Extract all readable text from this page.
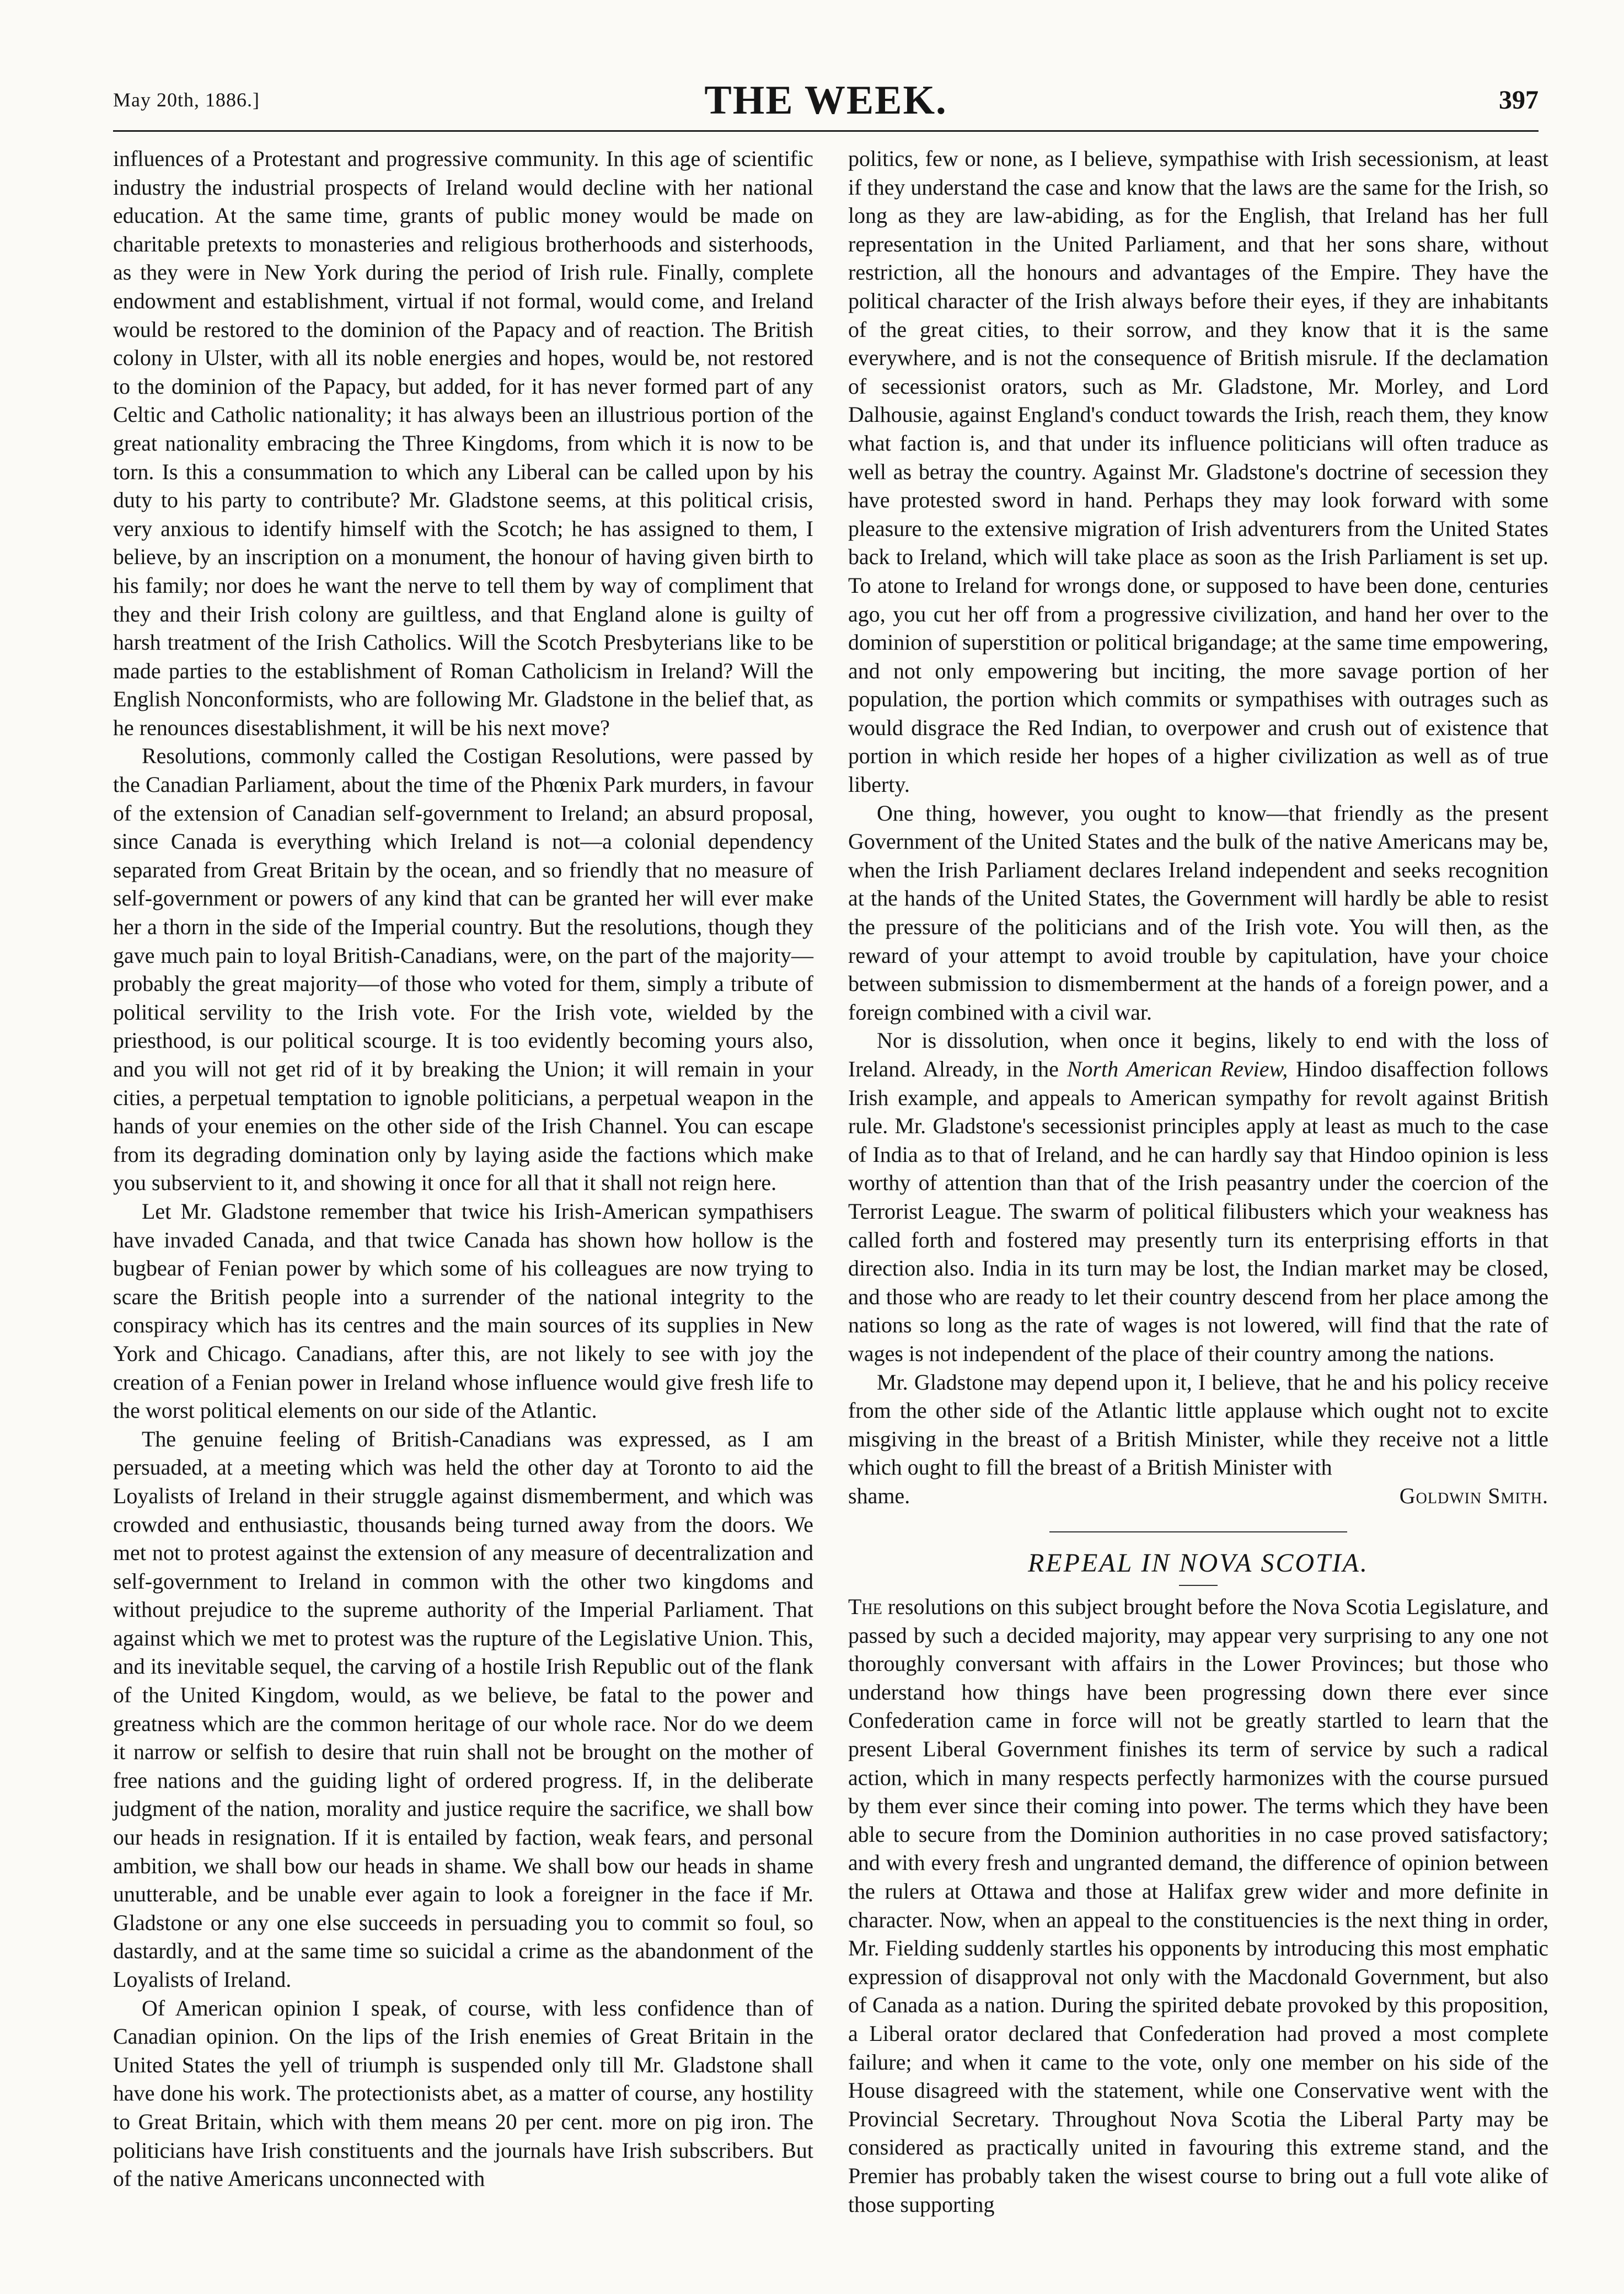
May 20th, 1886.]	THE WEEK.	397

influences of a Protestant and progressive community. In this age of scientific industry the industrial prospects of Ireland would decline with her national education. At the same time, grants of public money would be made on charitable pretexts to monasteries and religious brotherhoods and sisterhoods, as they were in New York during the period of Irish rule. Finally, complete endowment and establishment, virtual if not formal, would come, and Ireland would be restored to the dominion of the Papacy and of reaction. The British colony in Ulster, with all its noble energies and hopes, would be, not restored to the dominion of the Papacy, but added, for it has never formed part of any Celtic and Catholic nationality; it has always been an illustrious portion of the great nationality embracing the Three Kingdoms, from which it is now to be torn. Is this a consummation to which any Liberal can be called upon by his duty to his party to contribute? Mr. Gladstone seems, at this political crisis, very anxious to identify himself with the Scotch; he has assigned to them, I believe, by an inscription on a monument, the honour of having given birth to his family; nor does he want the nerve to tell them by way of compliment that they and their Irish colony are guiltless, and that England alone is guilty of harsh treatment of the Irish Catholics. Will the Scotch Presbyterians like to be made parties to the establishment of Roman Catholicism in Ireland? Will the English Nonconformists, who are following Mr. Gladstone in the belief that, as he renounces disestablishment, it will be his next move?

Resolutions, commonly called the Costigan Resolutions, were passed by the Canadian Parliament, about the time of the Phœnix Park murders, in favour of the extension of Canadian self-government to Ireland; an absurd proposal, since Canada is everything which Ireland is not—a colonial dependency separated from Great Britain by the ocean, and so friendly that no measure of self-government or powers of any kind that can be granted her will ever make her a thorn in the side of the Imperial country. But the resolutions, though they gave much pain to loyal British-Canadians, were, on the part of the majority—probably the great majority—of those who voted for them, simply a tribute of political servility to the Irish vote. For the Irish vote, wielded by the priesthood, is our political scourge. It is too evidently becoming yours also, and you will not get rid of it by breaking the Union; it will remain in your cities, a perpetual temptation to ignoble politicians, a perpetual weapon in the hands of your enemies on the other side of the Irish Channel. You can escape from its degrading domination only by laying aside the factions which make you subservient to it, and showing it once for all that it shall not reign here.

Let Mr. Gladstone remember that twice his Irish-American sympathisers have invaded Canada, and that twice Canada has shown how hollow is the bugbear of Fenian power by which some of his colleagues are now trying to scare the British people into a surrender of the national integrity to the conspiracy which has its centres and the main sources of its supplies in New York and Chicago. Canadians, after this, are not likely to see with joy the creation of a Fenian power in Ireland whose influence would give fresh life to the worst political elements on our side of the Atlantic.

The genuine feeling of British-Canadians was expressed, as I am persuaded, at a meeting which was held the other day at Toronto to aid the Loyalists of Ireland in their struggle against dismemberment, and which was crowded and enthusiastic, thousands being turned away from the doors. We met not to protest against the extension of any measure of decentralization and self-government to Ireland in common with the other two kingdoms and without prejudice to the supreme authority of the Imperial Parliament. That against which we met to protest was the rupture of the Legislative Union. This, and its inevitable sequel, the carving of a hostile Irish Republic out of the flank of the United Kingdom, would, as we believe, be fatal to the power and greatness which are the common heritage of our whole race. Nor do we deem it narrow or selfish to desire that ruin shall not be brought on the mother of free nations and the guiding light of ordered progress. If, in the deliberate judgment of the nation, morality and justice require the sacrifice, we shall bow our heads in resignation. If it is entailed by faction, weak fears, and personal ambition, we shall bow our heads in shame. We shall bow our heads in shame unutterable, and be unable ever again to look a foreigner in the face if Mr. Gladstone or any one else succeeds in persuading you to commit so foul, so dastardly, and at the same time so suicidal a crime as the abandonment of the Loyalists of Ireland.

Of American opinion I speak, of course, with less confidence than of Canadian opinion. On the lips of the Irish enemies of Great Britain in the United States the yell of triumph is suspended only till Mr. Gladstone shall have done his work. The protectionists abet, as a matter of course, any hostility to Great Britain, which with them means 20 per cent. more on pig iron. The politicians have Irish constituents and the journals have Irish subscribers. But of the native Americans unconnected with

politics, few or none, as I believe, sympathise with Irish secessionism, at least if they understand the case and know that the laws are the same for the Irish, so long as they are law-abiding, as for the English, that Ireland has her full representation in the United Parliament, and that her sons share, without restriction, all the honours and advantages of the Empire. They have the political character of the Irish always before their eyes, if they are inhabitants of the great cities, to their sorrow, and they know that it is the same everywhere, and is not the consequence of British misrule. If the declamation of secessionist orators, such as Mr. Gladstone, Mr. Morley, and Lord Dalhousie, against England's conduct towards the Irish, reach them, they know what faction is, and that under its influence politicians will often traduce as well as betray the country. Against Mr. Gladstone's doctrine of secession they have protested sword in hand. Perhaps they may look forward with some pleasure to the extensive migration of Irish adventurers from the United States back to Ireland, which will take place as soon as the Irish Parliament is set up. To atone to Ireland for wrongs done, or supposed to have been done, centuries ago, you cut her off from a progressive civilization, and hand her over to the dominion of superstition or political brigandage; at the same time empowering, and not only empowering but inciting, the more savage portion of her population, the portion which commits or sympathises with outrages such as would disgrace the Red Indian, to overpower and crush out of existence that portion in which reside her hopes of a higher civilization as well as of true liberty.

One thing, however, you ought to know—that friendly as the present Government of the United States and the bulk of the native Americans may be, when the Irish Parliament declares Ireland independent and seeks recognition at the hands of the United States, the Government will hardly be able to resist the pressure of the politicians and of the Irish vote. You will then, as the reward of your attempt to avoid trouble by capitulation, have your choice between submission to dismemberment at the hands of a foreign power, and a foreign combined with a civil war.

Nor is dissolution, when once it begins, likely to end with the loss of Ireland. Already, in the North American Review, Hindoo disaffection follows Irish example, and appeals to American sympathy for revolt against British rule. Mr. Gladstone's secessionist principles apply at least as much to the case of India as to that of Ireland, and he can hardly say that Hindoo opinion is less worthy of attention than that of the Irish peasantry under the coercion of the Terrorist League. The swarm of political filibusters which your weakness has called forth and fostered may presently turn its enterprising efforts in that direction also. India in its turn may be lost, the Indian market may be closed, and those who are ready to let their country descend from her place among the nations so long as the rate of wages is not lowered, will find that the rate of wages is not independent of the place of their country among the nations.

Mr. Gladstone may depend upon it, I believe, that he and his policy receive from the other side of the Atlantic little applause which ought not to excite misgiving in the breast of a British Minister, while they receive not a little which ought to fill the breast of a British Minister with

shame.	Goldwin Smith.

REPEAL IN NOVA SCOTIA.

The resolutions on this subject brought before the Nova Scotia Legislature, and passed by such a decided majority, may appear very surprising to any one not thoroughly conversant with affairs in the Lower Provinces; but those who understand how things have been progressing down there ever since Confederation came in force will not be greatly startled to learn that the present Liberal Government finishes its term of service by such a radical action, which in many respects perfectly harmonizes with the course pursued by them ever since their coming into power. The terms which they have been able to secure from the Dominion authorities in no case proved satisfactory; and with every fresh and ungranted demand, the difference of opinion between the rulers at Ottawa and those at Halifax grew wider and more definite in character. Now, when an appeal to the constituencies is the next thing in order, Mr. Fielding suddenly startles his opponents by introducing this most emphatic expression of disapproval not only with the Macdonald Government, but also of Canada as a nation. During the spirited debate provoked by this proposition, a Liberal orator declared that Confederation had proved a most complete failure; and when it came to the vote, only one member on his side of the House disagreed with the statement, while one Conservative went with the Provincial Secretary. Throughout Nova Scotia the Liberal Party may be considered as practically united in favouring this extreme stand, and the Premier has probably taken the wisest course to bring out a full vote alike of those supporting
